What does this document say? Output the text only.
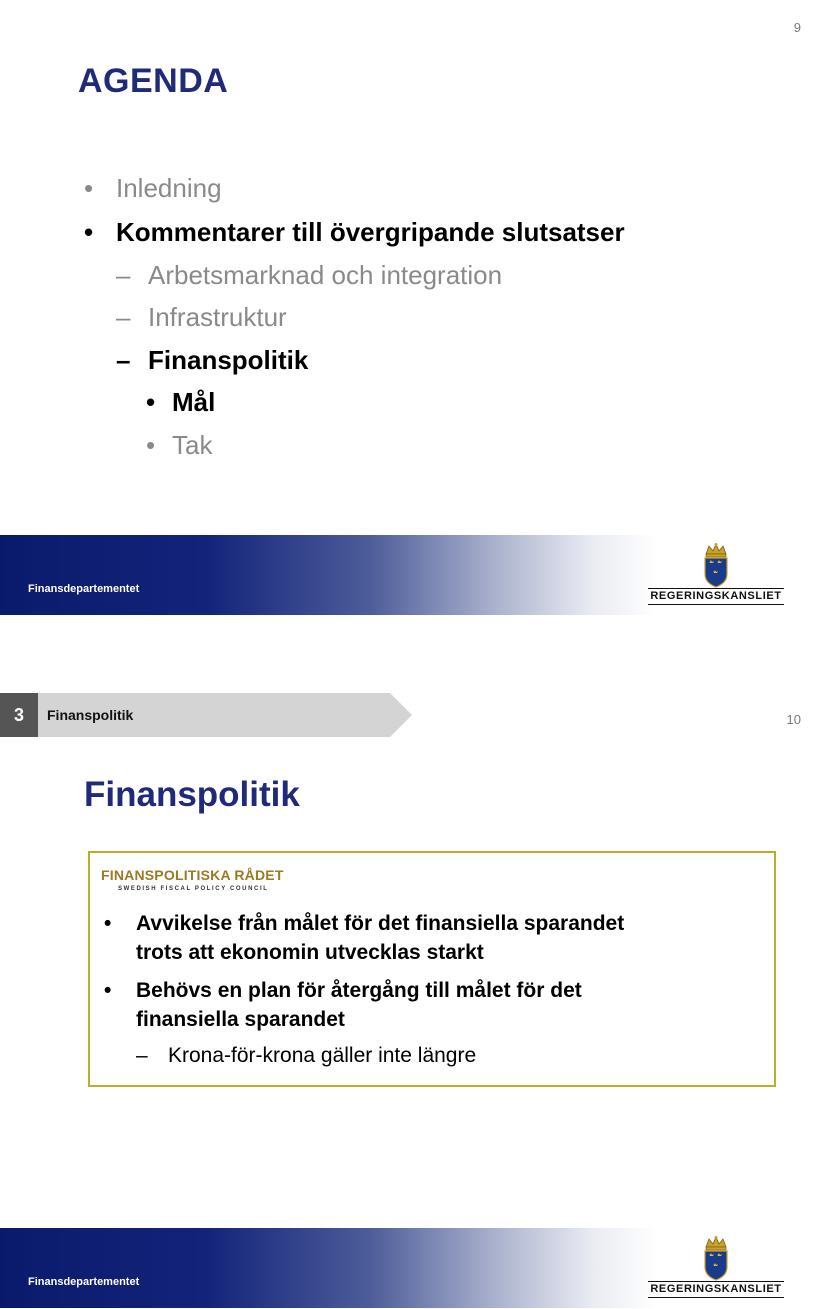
9
AGENDA
• Inledning
• Kommentarer till övergripande slutsatser
– Arbetsmarknad och integration
– Infrastruktur
– Finanspolitik
• Mål
• Tak
Finansdepartementet
REGERINGSKANSLIET
3	Finanspolitik	10
Finanspolitik
FINANSPOLITISKA RÅDET
SWEDISH FISCAL POLICY COUNCIL
• Avvikelse från målet för det finansiella sparandet
trots att ekonomin utvecklas starkt
• Behövs en plan för återgång till målet för det
finansiella sparandet
– Krona-för-krona gäller inte längre
Finansdepartementet
REGERINGSKANSLIET
